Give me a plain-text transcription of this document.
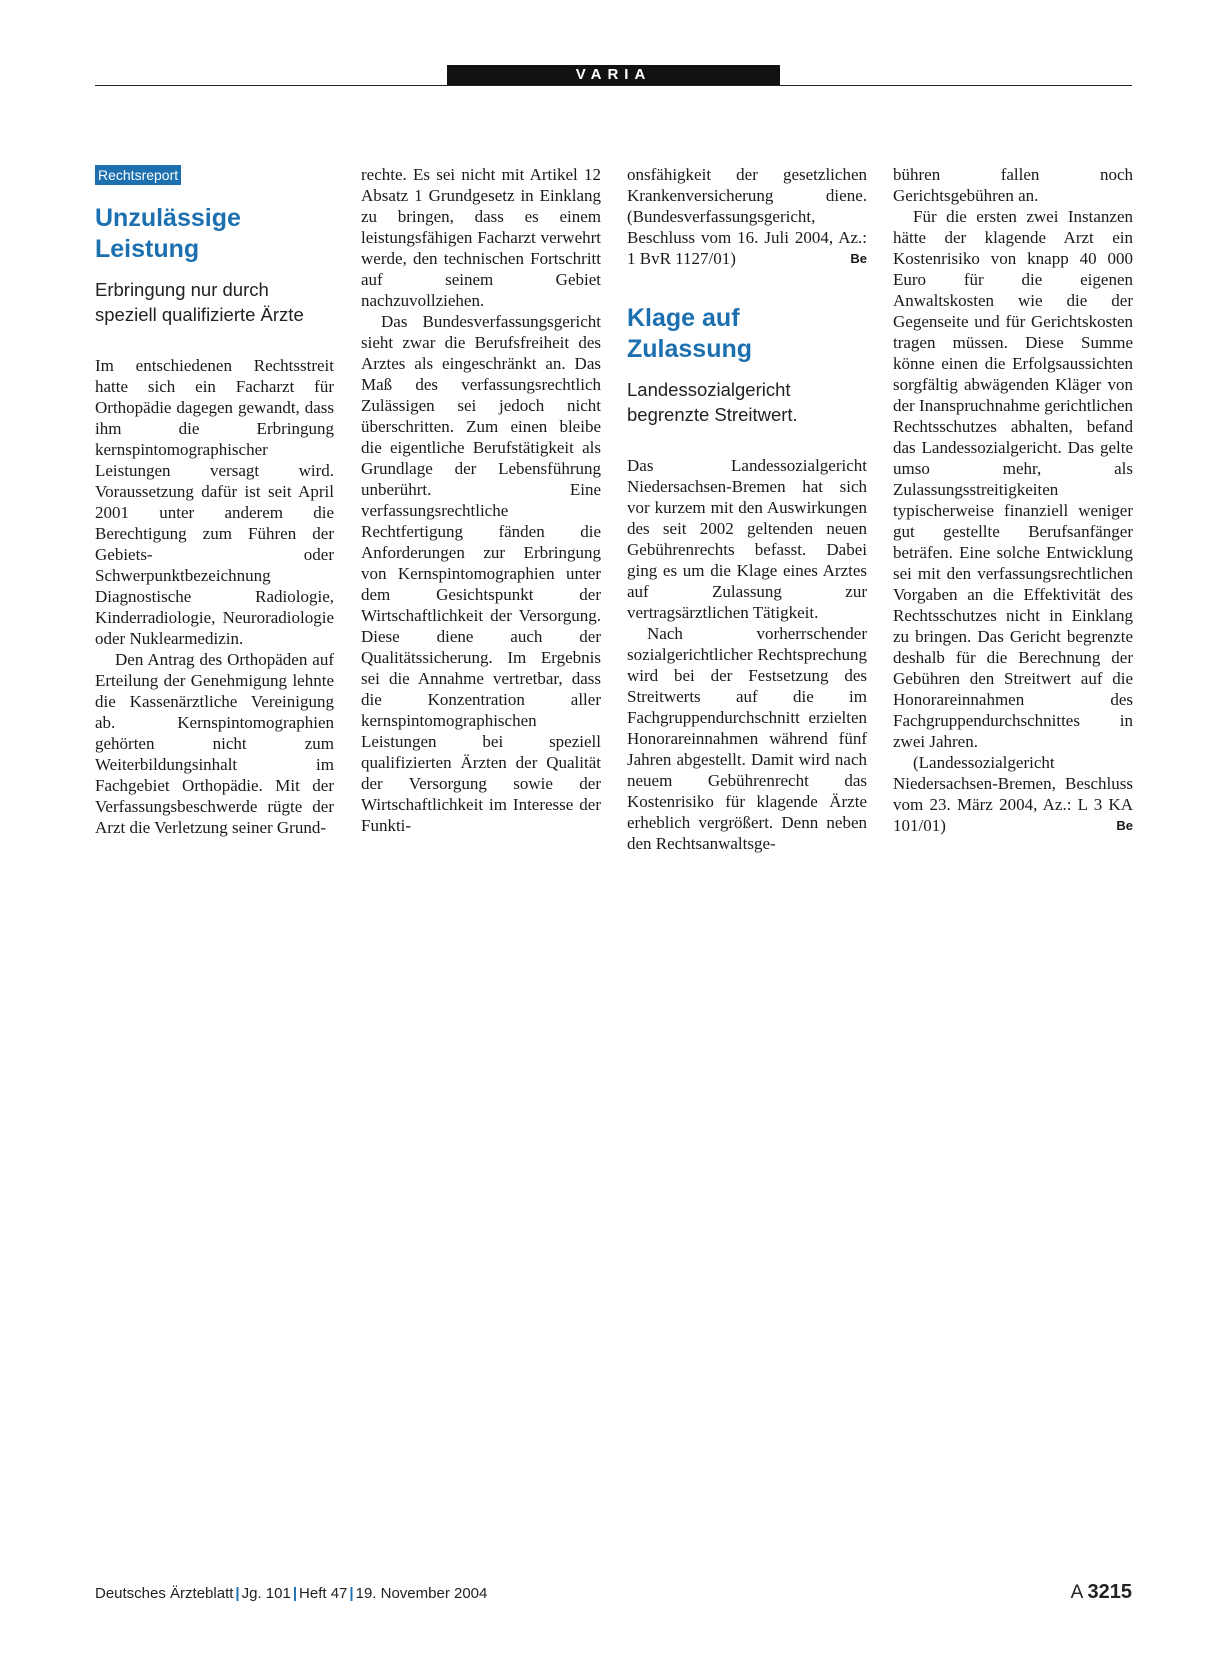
VARIA
Rechtsreport
Unzulässige Leistung
Erbringung nur durch speziell qualifizierte Ärzte

Im entschiedenen Rechtsstreit hatte sich ein Facharzt für Orthopädie dagegen gewandt, dass ihm die Erbringung kernspintomographischer Leistungen versagt wird. Voraussetzung dafür ist seit April 2001 unter anderem die Berechtigung zum Führen der Gebiets- oder Schwerpunktbezeichnung Diagnostische Radiologie, Kinderradiologie, Neuroradiologie oder Nuklearmedizin.

Den Antrag des Orthopäden auf Erteilung der Genehmigung lehnte die Kassenärztliche Vereinigung ab. Kernspintomographien gehörten nicht zum Weiterbildungsinhalt im Fachgebiet Orthopädie. Mit der Verfassungsbeschwerde rügte der Arzt die Verletzung seiner Grund-

rechte. Es sei nicht mit Artikel 12 Absatz 1 Grundgesetz in Einklang zu bringen, dass es einem leistungsfähigen Facharzt verwehrt werde, den technischen Fortschritt auf seinem Gebiet nachzuvollziehen.

Das Bundesverfassungsgericht sieht zwar die Berufsfreiheit des Arztes als eingeschränkt an. Das Maß des verfassungsrechtlich Zulässigen sei jedoch nicht überschritten. Zum einen bleibe die eigentliche Berufstätigkeit als Grundlage der Lebensführung unberührt. Eine verfassungsrechtliche Rechtfertigung fänden die Anforderungen zur Erbringung von Kernspintomographien unter dem Gesichtspunkt der Wirtschaftlichkeit der Versorgung. Diese diene auch der Qualitätssicherung. Im Ergebnis sei die Annahme vertretbar, dass die Konzentration aller kernspintomographischen Leistungen bei speziell qualifizierten Ärzten der Qualität der Versorgung sowie der Wirtschaftlichkeit im Interesse der Funkti-

onsfähigkeit der gesetzlichen Krankenversicherung diene. (Bundesverfassungsgericht, Beschluss vom 16. Juli 2004, Az.: 1 BvR 1127/01)	Be

Klage auf Zulassung
Landessozialgericht begrenzte Streitwert.

Das Landessozialgericht Niedersachsen-Bremen hat sich vor kurzem mit den Auswirkungen des seit 2002 geltenden neuen Gebührenrechts befasst. Dabei ging es um die Klage eines Arztes auf Zulassung zur vertragsärztlichen Tätigkeit.

Nach vorherrschender sozialgerichtlicher Rechtsprechung wird bei der Festsetzung des Streitwerts auf die im Fachgruppendurchschnitt erzielten Honorareinnahmen während fünf Jahren abgestellt. Damit wird nach neuem Gebührenrecht das Kostenrisiko für klagende Ärzte erheblich vergrößert. Denn neben den Rechtsanwaltsge-

bühren fallen noch Gerichtsgebühren an.

Für die ersten zwei Instanzen hätte der klagende Arzt ein Kostenrisiko von knapp 40 000 Euro für die eigenen Anwaltskosten wie die der Gegenseite und für Gerichtskosten tragen müssen. Diese Summe könne einen die Erfolgsaussichten sorgfältig abwägenden Kläger von der Inanspruchnahme gerichtlichen Rechtsschutzes abhalten, befand das Landessozialgericht. Das gelte umso mehr, als Zulassungsstreitigkeiten typischerweise finanziell weniger gut gestellte Berufsanfänger beträfen. Eine solche Entwicklung sei mit den verfassungsrechtlichen Vorgaben an die Effektivität des Rechtsschutzes nicht in Einklang zu bringen. Das Gericht begrenzte deshalb für die Berechnung der Gebühren den Streitwert auf die Honorareinnahmen des Fachgruppendurchschnittes in zwei Jahren.

(Landessozialgericht Niedersachsen-Bremen, Beschluss vom 23. März 2004, Az.: L 3 KA 101/01)	Be

Deutsches Ärzteblatt | Jg. 101 | Heft 47 | 19. November 2004	A 3215
